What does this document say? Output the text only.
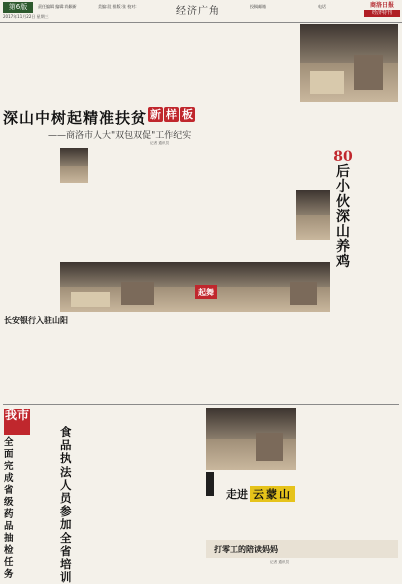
第6版
2017年11月22日 星期三
责任编辑 编辑:尚颖新	美编:段 排版:张 校对:	经济广角	投稿邮箱	电话	商洛日报
经济特刊
深山中树起精准扶贫 新 样 板
——商洛市人大"双包双促"工作纪实
记者 通讯员
80
后小伙深山养鸡
起舞
长安银行入驻山阳
我市
全面完成省级药品抽检任务
食品执法人员参加全省培训
走进 云蒙山
打零工的陪读妈妈
记者 通讯员
